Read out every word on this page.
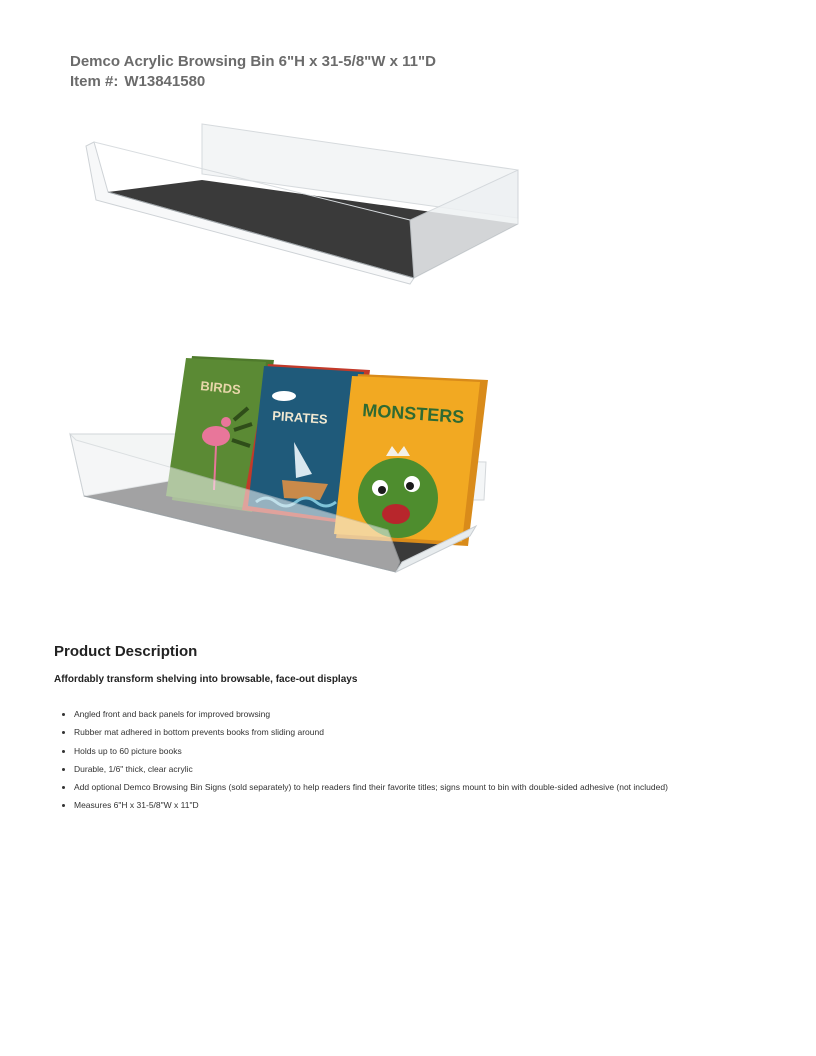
Demco Acrylic Browsing Bin 6"H x 31-5/8"W x 11"D
Item #: W13841580
BIRDS
PIRATES MONSTERS
Product Description
Affordably transform shelving into browsable, face-out displays
• Angled front and back panels for improved browsing
• Rubber mat adhered in bottom prevents books from sliding around
• Holds up to 60 picture books
• Durable, 1/6" thick, clear acrylic
• Add optional Demco Browsing Bin Signs (sold separately) to help readers find their favorite titles; signs mount to bin with double-sided adhesive (not included)
• Measures 6"H x 31-5/8"W x 11"D
